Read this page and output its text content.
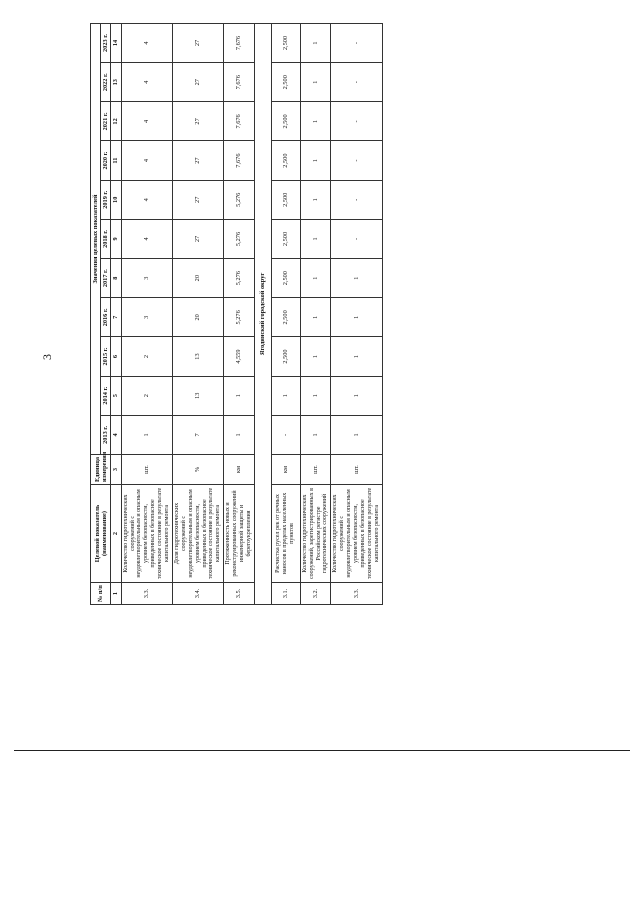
3
№ п/п	Целевой показатель (наименование)	Единица измерения	Значения целевых показателей										
			2013 г.	2014 г.	2015 г.	2016 г.	2017 г.	2018 г.	2019 г.	2020 г.	2021 г.	2022 г.	2023 г.
1	2	3	4	5	6	7	8	9	10	11	12	13	14
3.3.	Количество гидротехнических сооружений с неудовлетворительным и опасным уровнем безопасности, приведенных в безопасное техническое состояние в результате капитального ремонта	шт.	1	2	2	3	3	4	4	4	4	4	4
3.4.	Доля гидротехнических сооружений с неудовлетворительным и опасным уровнем безопасности, приведенных в безопасное техническое состояние в результате капитального ремонта	%	7	13	13	20	20	27	27	27	27	27	27
3.5.	Протяженность новых и реконструированных сооружений инженерной защиты и берегоукрепления	км	1	1	4,559	5,276	5,276	5,276	5,276	7,676	7,676	7,676	7,676
Ягодинский городской округ													
3.1.	Расчистка русел рек от речных наносов в пределах населенных пунктов	км	-	1	2,500	2,500	2,500	2,500	2,500	2,500	2,500	2,500	2,500
3.2.	Количество гидротехнических сооружений, зарегистрированных в Российском регистре гидротехнических сооружений	шт.	1	1	1	1	1	1	1	1	1	1	1
3.3.	Количество гидротехнических сооружений с неудовлетворительным и опасным уровнем безопасности, приведенных в безопасное техническое состояние в результате капитального ремонта	шт.	1	1	1	1	1	-	-	-	-	-	-
